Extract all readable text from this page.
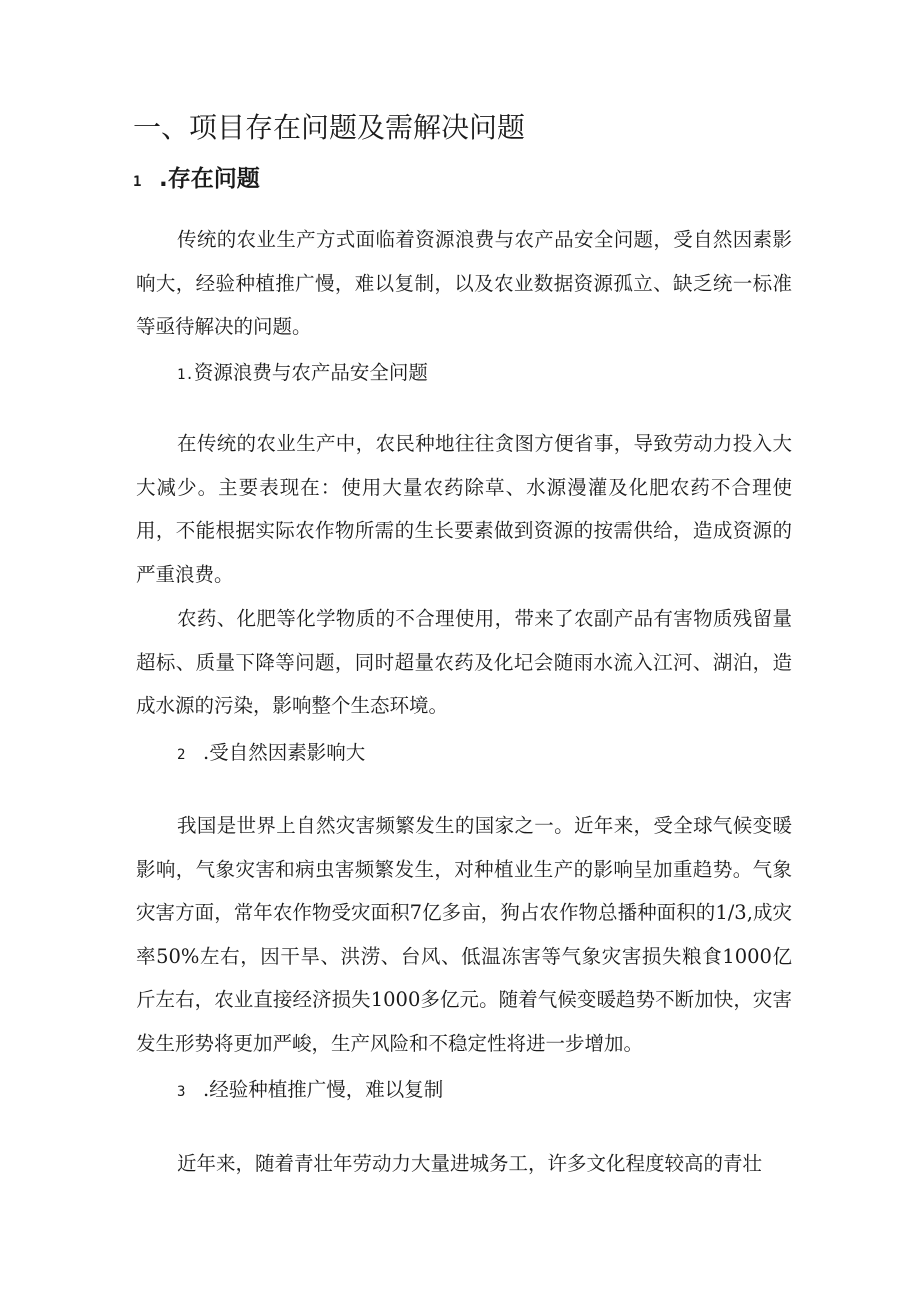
一、项目存在问题及需解决问题
1 .存在问题

传统的农业生产方式面临着资源浪费与农产品安全问题，受自然因素影响大，经验种植推广慢，难以复制，以及农业数据资源孤立、缺乏统一标准等亟待解决的问题。

1.资源浪费与农产品安全问题

在传统的农业生产中，农民种地往往贪图方便省事，导致劳动力投入大大减少。主要表现在：使用大量农药除草、水源漫灌及化肥农药不合理使用，不能根据实际农作物所需的生长要素做到资源的按需供给，造成资源的严重浪费。

农药、化肥等化学物质的不合理使用，带来了农副产品有害物质残留量超标、质量下降等问题，同时超量农药及化圮会随雨水流入江河、湖泊，造成水源的污染，影响整个生态环境。

2 .受自然因素影响大

我国是世界上自然灾害频繁发生的国家之一。近年来，受全球气候变暖影响，气象灾害和病虫害频繁发生，对种植业生产的影响呈加重趋势。气象灾害方面，常年农作物受灾面积7亿多亩，狗占农作物总播种面积的1/3,成灾率50%左右，因干旱、洪涝、台风、低温冻害等气象灾害损失粮食1000亿斤左右，农业直接经济损失1000多亿元。随着气候变暖趋势不断加快，灾害发生形势将更加严峻，生产风险和不稳定性将进一步增加。

3 .经验种植推广慢，难以复制

近年来，随着青壮年劳动力大量进城务工，许多文化程度较高的青壮
